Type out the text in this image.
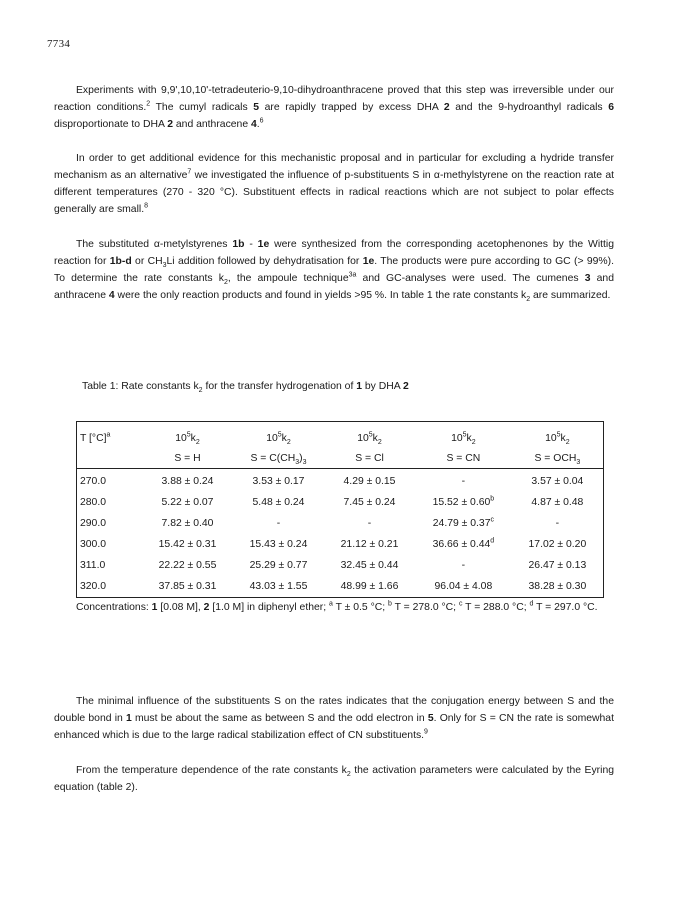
7734

Experiments with 9,9',10,10'-tetradeuterio-9,10-dihydroanthracene proved that this step was irreversible under our reaction conditions.$^2$ The cumyl radicals 5 are rapidly trapped by excess DHA 2 and the 9-hydroanthyl radicals 6 disproportionate to DHA 2 and anthracene 4.$^6$

In order to get additional evidence for this mechanistic proposal and in particular for excluding a hydride transfer mechanism as an alternative$^7$ we investigated the influence of p-substituents S in α-methylstyrene on the reaction rate at different temperatures (270 - 320 °C). Substituent effects in radical reactions which are not subject to polar effects generally are small.$^8$

The substituted α-metylstyrenes 1b - 1e were synthesized from the corresponding acetophenones by the Wittig reaction for 1b-d or $CH_3Li$ addition followed by dehydratisation for 1e. The products were pure according to GC (> 99%). To determine the rate constants $k_2$, the ampoule technique$^{3a}$ and GC-analyses were used. The cumenes 3 and anthracene 4 were the only reaction products and found in yields >95 %. In table 1 the rate constants $k_2$ are summarized.

Table 1: Rate constants $k_2$ for the transfer hydrogenation of 1 by DHA 2

T $[^\circ C]^a$	$10^5k_2$	$10^5k_2$	$10^5k_2$	$10^5k_2$	$10^5k_2$
	S = H	$S = C(CH_3)_3$	S = Cl	S = CN	$S = OCH_3$
270.0	3.88 ± 0.24	3.53 ± 0.17	4.29 ± 0.15	-	3.57 ± 0.04
280.0	5.22 ± 0.07	5.48 ± 0.24	7.45 ± 0.24	15.52 ± 0.60$^b$	4.87 ± 0.48
290.0	7.82 ± 0.40	-	-	24.79 ± 0.37$^c$	-
300.0	15.42 ± 0.31	15.43 ± 0.24	21.12 ± 0.21	36.66 ± 0.44$^d$	17.02 ± 0.20
311.0	22.22 ± 0.55	25.29 ± 0.77	32.45 ± 0.44	-	26.47 ± 0.13
320.0	37.85 ± 0.31	43.03 ± 1.55	48.99 ± 1.66	96.04 ± 4.08	38.28 ± 0.30

Concentrations: 1 [0.08 M], 2 [1.0 M] in diphenyl ether; $^a$ T ± 0.5 °C; $^b$ T = 278.0 °C; $^c$ T = 288.0 °C; $^d$ T = 297.0 °C.

The minimal influence of the substituents S on the rates indicates that the conjugation energy between S and the double bond in 1 must be about the same as between S and the odd electron in 5. Only for S = CN the rate is somewhat enhanced which is due to the large radical stabilization effect of CN substituents.$^9$

From the temperature dependence of the rate constants $k_2$ the activation parameters were calculated by the Eyring equation (table 2).
